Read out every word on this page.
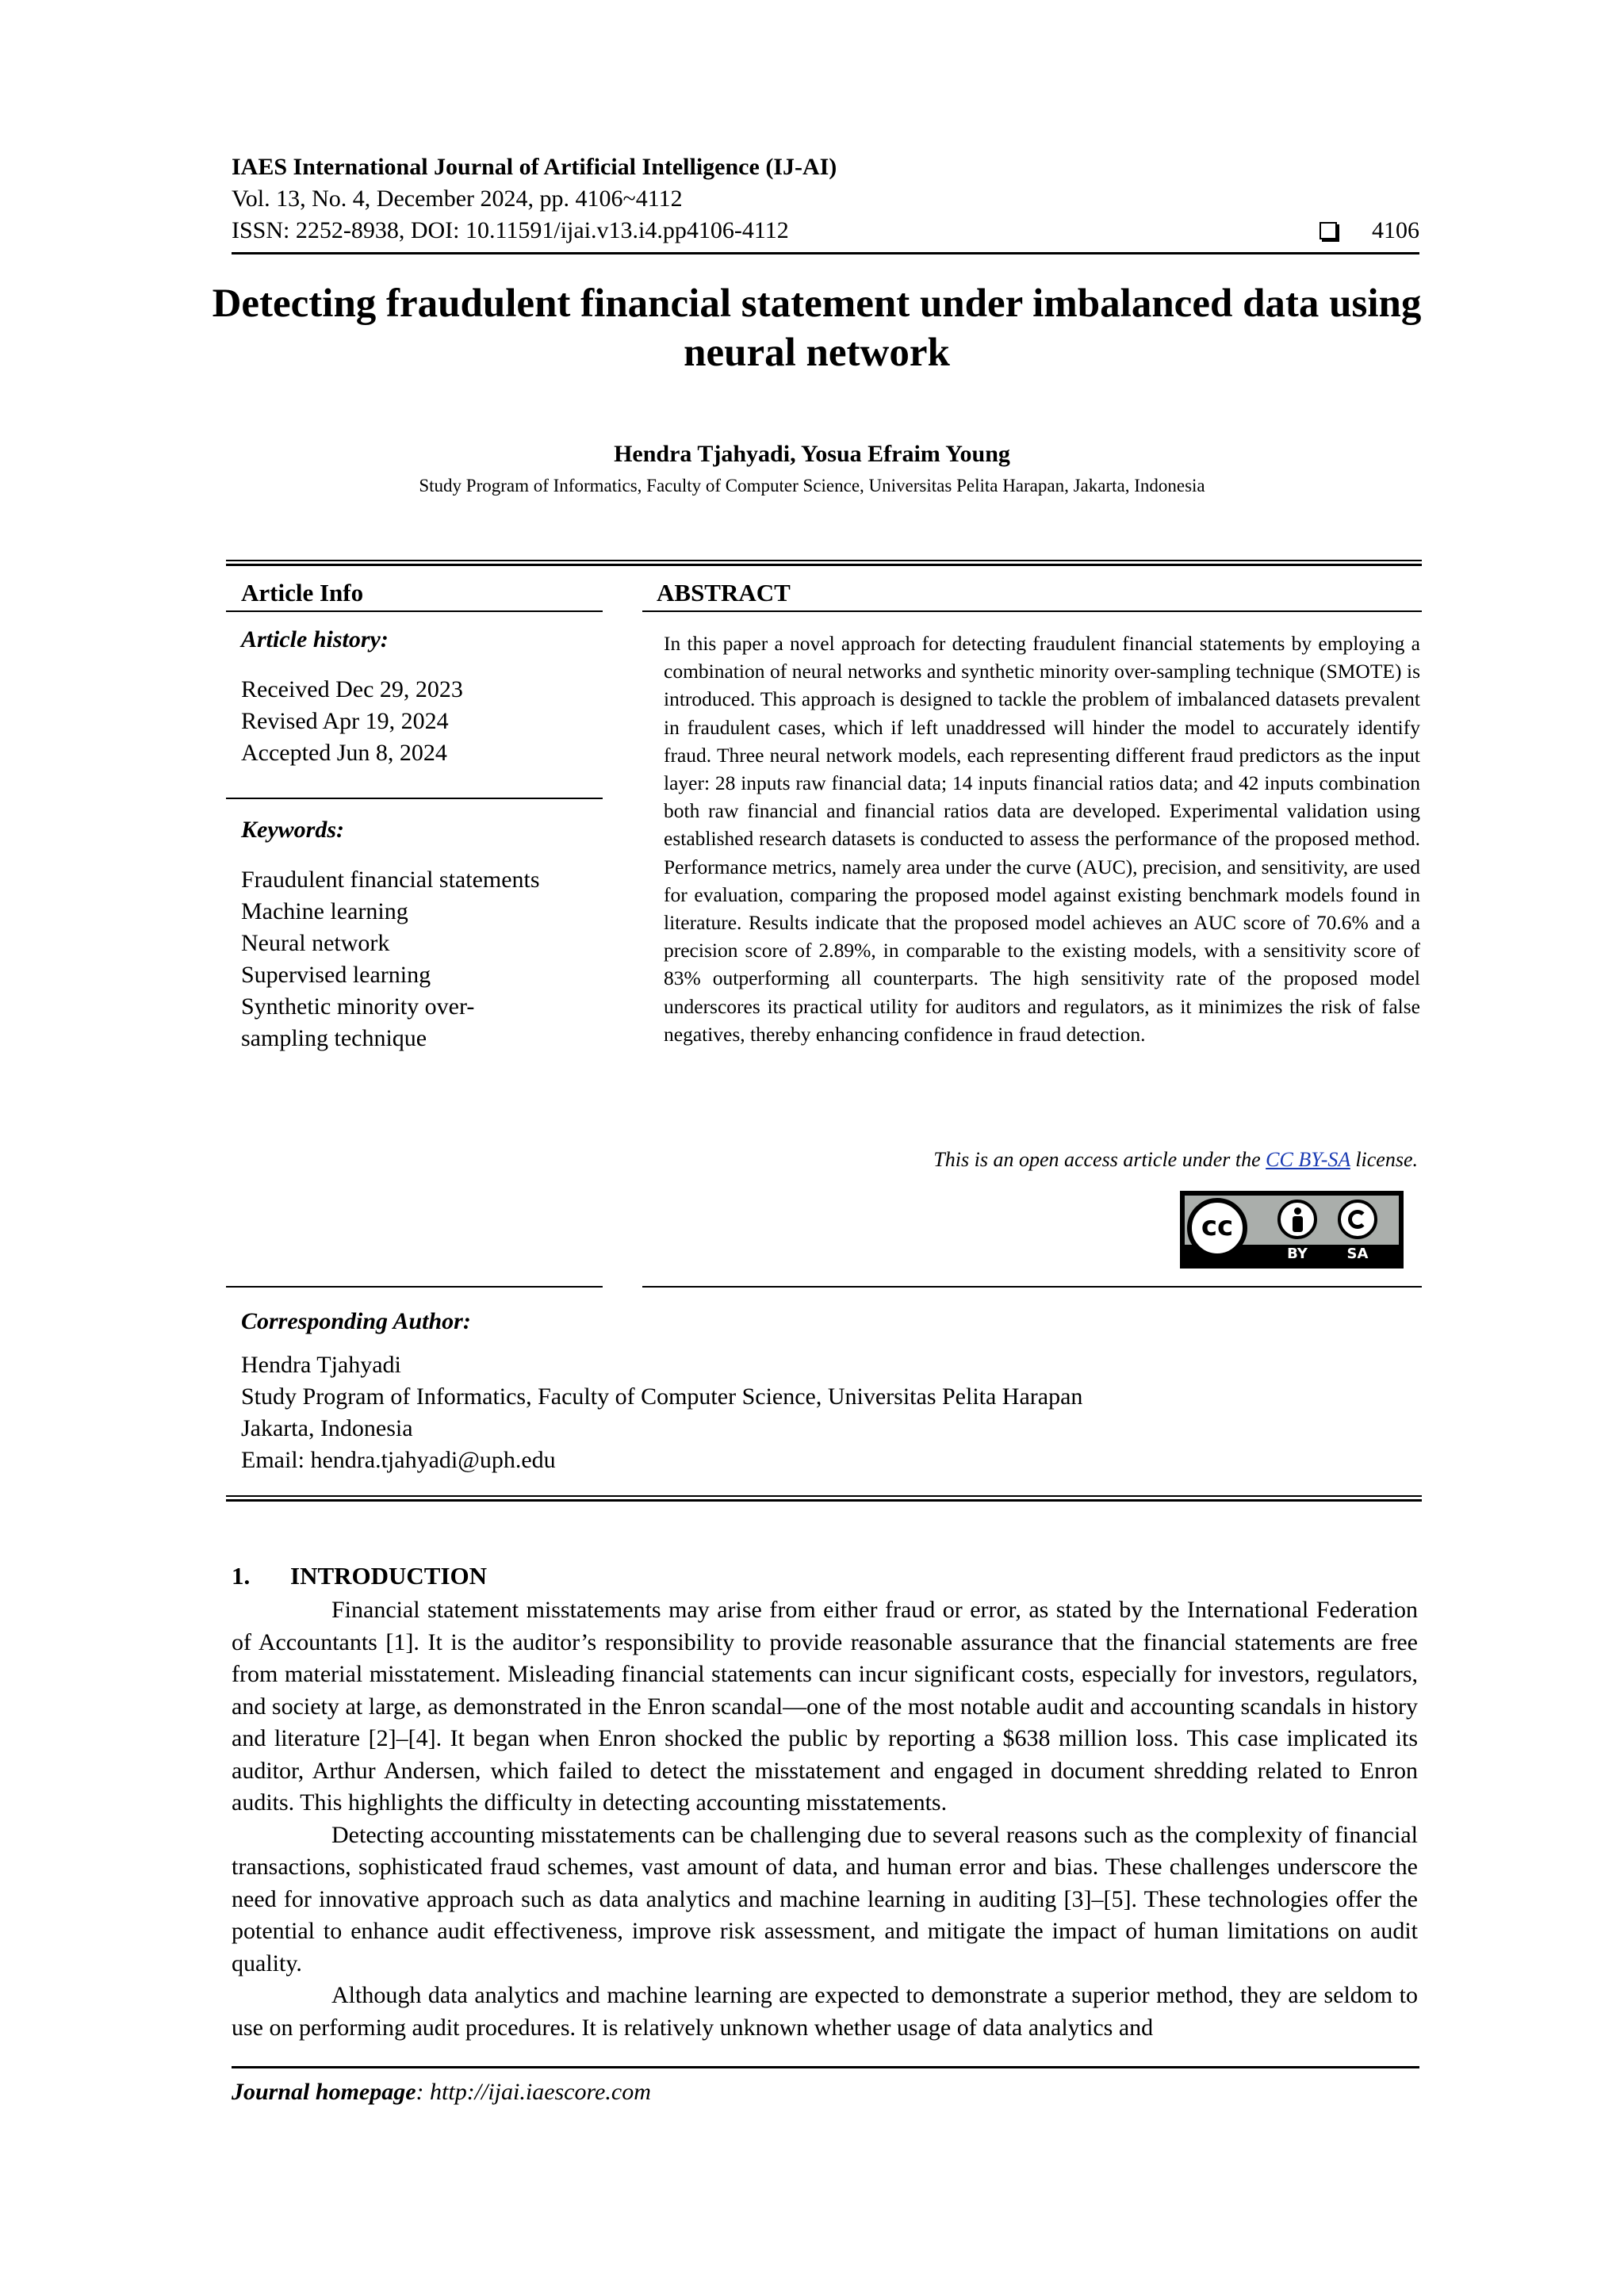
IAES International Journal of Artificial Intelligence (IJ-AI)
Vol. 13, No. 4, December 2024, pp. 4106~4112
ISSN: 2252-8938, DOI: 10.11591/ijai.v13.i4.pp4106-4112	4106
Detecting fraudulent financial statement under imbalanced data using neural network
Hendra Tjahyadi, Yosua Efraim Young
Study Program of Informatics, Faculty of Computer Science, Universitas Pelita Harapan, Jakarta, Indonesia
Article Info
Article history:
Received Dec 29, 2023
Revised Apr 19, 2024
Accepted Jun 8, 2024
Keywords:
Fraudulent financial statements
Machine learning
Neural network
Supervised learning
Synthetic minority over-
sampling technique
ABSTRACT
In this paper a novel approach for detecting fraudulent financial statements by employing a combination of neural networks and synthetic minority over-sampling technique (SMOTE) is introduced. This approach is designed to tackle the problem of imbalanced datasets prevalent in fraudulent cases, which if left unaddressed will hinder the model to accurately identify fraud. Three neural network models, each representing different fraud predictors as the input layer: 28 inputs raw financial data; 14 inputs financial ratios data; and 42 inputs combination both raw financial and financial ratios data are developed. Experimental validation using established research datasets is conducted to assess the performance of the proposed method. Performance metrics, namely area under the curve (AUC), precision, and sensitivity, are used for evaluation, comparing the proposed model against existing benchmark models found in literature. Results indicate that the proposed model achieves an AUC score of 70.6% and a precision score of 2.89%, in comparable to the existing models, with a sensitivity score of 83% outperforming all counterparts. The high sensitivity rate of the proposed model underscores its practical utility for auditors and regulators, as it minimizes the risk of false negatives, thereby enhancing confidence in fraud detection.
This is an open access article under the CC BY-SA license.
cc
BY	SA
Corresponding Author:
Hendra Tjahyadi
Study Program of Informatics, Faculty of Computer Science, Universitas Pelita Harapan
Jakarta, Indonesia
Email: hendra.tjahyadi@uph.edu
1. INTRODUCTION

Financial statement misstatements may arise from either fraud or error, as stated by the International Federation of Accountants [1]. It is the auditor’s responsibility to provide reasonable assurance that the financial statements are free from material misstatement. Misleading financial statements can incur significant costs, especially for investors, regulators, and society at large, as demonstrated in the Enron scandal—one of the most notable audit and accounting scandals in history and literature [2]–[4]. It began when Enron shocked the public by reporting a $638 million loss. This case implicated its auditor, Arthur Andersen, which failed to detect the misstatement and engaged in document shredding related to Enron audits. This highlights the difficulty in detecting accounting misstatements.

Detecting accounting misstatements can be challenging due to several reasons such as the complexity of financial transactions, sophisticated fraud schemes, vast amount of data, and human error and bias. These challenges underscore the need for innovative approach such as data analytics and machine learning in auditing [3]–[5]. These technologies offer the potential to enhance audit effectiveness, improve risk assessment, and mitigate the impact of human limitations on audit quality.

Although data analytics and machine learning are expected to demonstrate a superior method, they are seldom to use on performing audit procedures. It is relatively unknown whether usage of data analytics and

Journal homepage: http://ijai.iaescore.com
